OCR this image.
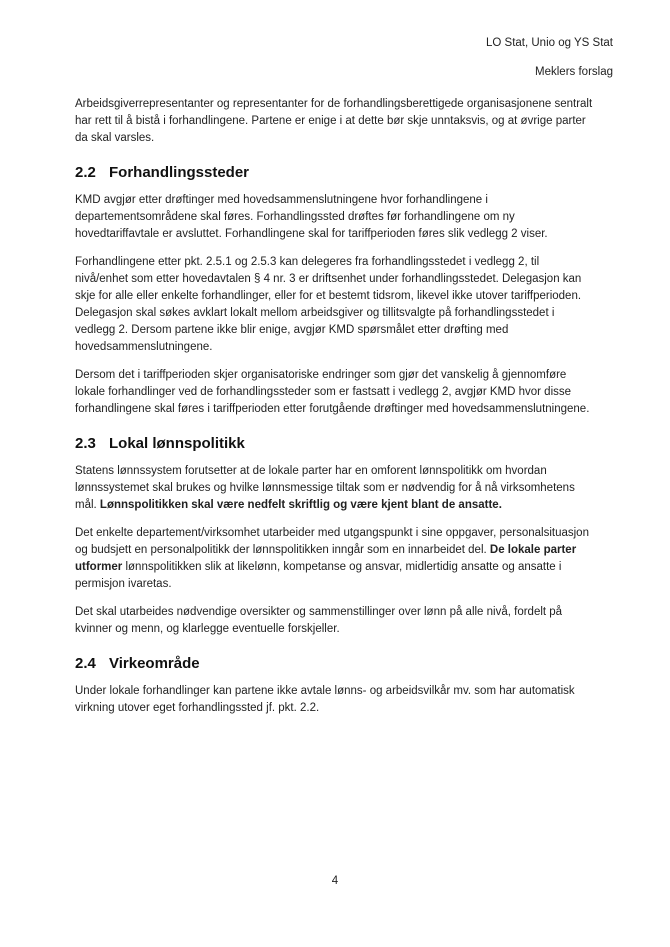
LO Stat, Unio og YS Stat
Meklers forslag

Arbeidsgiverrepresentanter og representanter for de forhandlingsberettigede organisasjonene sentralt har rett til å bistå i forhandlingene. Partene er enige i at dette bør skje unntaksvis, og at øvrige parter da skal varsles.

2.2 Forhandlingssteder

KMD avgjør etter drøftinger med hovedsammenslutningene hvor forhandlingene i departementsområdene skal føres. Forhandlingssted drøftes før forhandlingene om ny hovedtariffavtale er avsluttet. Forhandlingene skal for tariffperioden føres slik vedlegg 2 viser.

Forhandlingene etter pkt. 2.5.1 og 2.5.3 kan delegeres fra forhandlingsstedet i vedlegg 2, til nivå/enhet som etter hovedavtalen § 4 nr. 3 er driftsenhet under forhandlingsstedet. Delegasjon kan skje for alle eller enkelte forhandlinger, eller for et bestemt tidsrom, likevel ikke utover tariffperioden. Delegasjon skal søkes avklart lokalt mellom arbeidsgiver og tillitsvalgte på forhandlingsstedet i vedlegg 2. Dersom partene ikke blir enige, avgjør KMD spørsmålet etter drøfting med hovedsammenslutningene.

Dersom det i tariffperioden skjer organisatoriske endringer som gjør det vanskelig å gjennomføre lokale forhandlinger ved de forhandlingssteder som er fastsatt i vedlegg 2, avgjør KMD hvor disse forhandlingene skal føres i tariffperioden etter forutgående drøftinger med hovedsammenslutningene.

2.3 Lokal lønnspolitikk

Statens lønnssystem forutsetter at de lokale parter har en omforent lønnspolitikk om hvordan lønnssystemet skal brukes og hvilke lønnsmessige tiltak som er nødvendig for å nå virksomhetens mål. Lønnspolitikken skal være nedfelt skriftlig og være kjent blant de ansatte.

Det enkelte departement/virksomhet utarbeider med utgangspunkt i sine oppgaver, personalsituasjon og budsjett en personalpolitikk der lønnspolitikken inngår som en innarbeidet del. De lokale parter utformer lønnspolitikken slik at likelønn, kompetanse og ansvar, midlertidig ansatte og ansatte i permisjon ivaretas.

Det skal utarbeides nødvendige oversikter og sammenstillinger over lønn på alle nivå, fordelt på kvinner og menn, og klarlegge eventuelle forskjeller.

2.4 Virkeområde

Under lokale forhandlinger kan partene ikke avtale lønns- og arbeidsvilkår mv. som har automatisk virkning utover eget forhandlingssted jf. pkt. 2.2.

4
